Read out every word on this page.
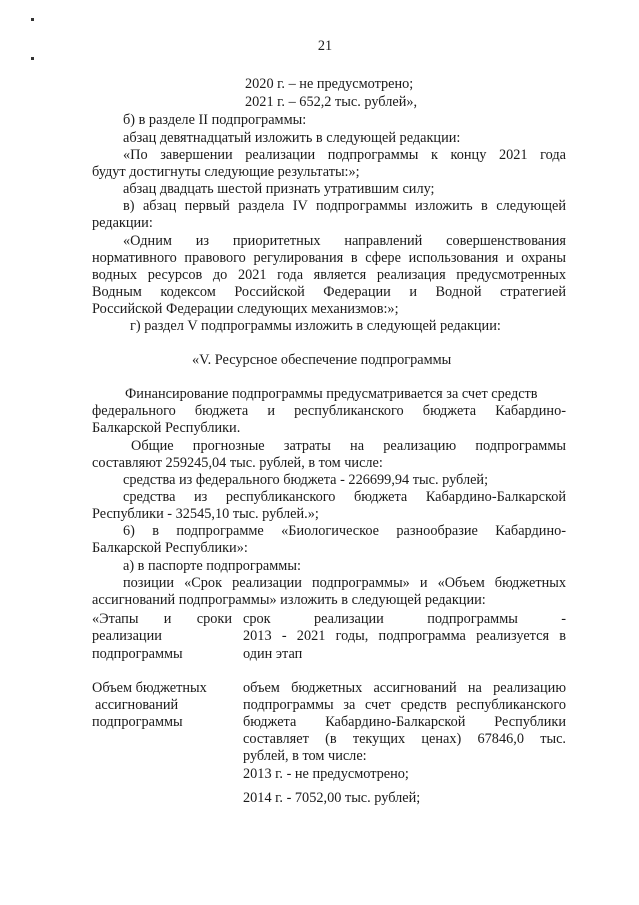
21
2020 г. – не предусмотрено;
2021 г. – 652,2 тыс. рублей»,
б) в разделе II подпрограммы:
абзац девятнадцатый изложить в следующей редакции:
«По завершении реализации подпрограммы к концу 2021 года
будут достигнуты следующие результаты:»;
абзац двадцать шестой признать утратившим силу;
в) абзац первый раздела IV подпрограммы изложить в следующей
редакции:
«Одним из приоритетных направлений совершенствования
нормативного правового регулирования в сфере использования и охраны
водных ресурсов до 2021 года является реализация предусмотренных
Водным кодексом Российской Федерации и Водной стратегией
Российской Федерации следующих механизмов:»;
г) раздел V подпрограммы изложить в следующей редакции:
«V. Ресурсное обеспечение подпрограммы
Финансирование подпрограммы предусматривается за счет средств
федерального бюджета и республиканского бюджета Кабардино-
Балкарской Республики.
Общие прогнозные затраты на реализацию подпрограммы
составляют 259245,04 тыс. рублей, в том числе:
средства из федерального бюджета - 226699,94 тыс. рублей;
средства из республиканского бюджета Кабардино-Балкарской
Республики - 32545,10 тыс. рублей.»;
6) в подпрограмме «Биологическое разнообразие Кабардино-
Балкарской Республики»:
а) в паспорте подпрограммы:
позиции «Срок реализации подпрограммы» и «Объем бюджетных
ассигнований подпрограммы» изложить в следующей редакции:
«Этапы и сроки
реализации
подпрограммы
срок реализации подпрограммы -
2013 - 2021 годы, подпрограмма реализуется в
один этап
Объем бюджетных
ассигнований
подпрограммы
объем бюджетных ассигнований на реализацию
подпрограммы за счет средств республиканского
бюджета Кабардино-Балкарской Республики
составляет (в текущих ценах) 67846,0 тыс.
рублей, в том числе:
2013 г. - не предусмотрено;
2014 г. - 7052,00 тыс. рублей;
